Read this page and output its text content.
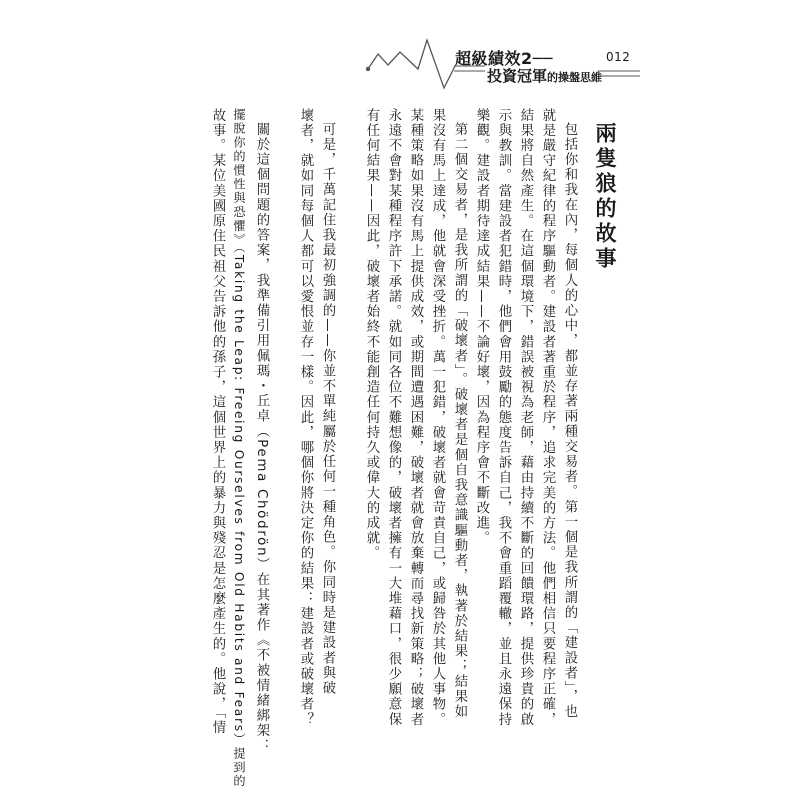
超級績效2──
投資冠軍的操盤思維
012
兩隻狼的故事
包括你和我在內，每個人的心中，都並存著兩種交易者。第一個是我所謂的「建設者」，也
就是嚴守紀律的程序驅動者。建設者著重於程序，追求完美的方法。他們相信只要程序正確，
結果將自然產生。在這個環境下，錯誤被視為老師，藉由持續不斷的回饋環路，提供珍貴的啟
示與教訓。當建設者犯錯時，他們會用鼓勵的態度告訴自己，我不會重蹈覆轍，並且永遠保持
樂觀。建設者期待達成結果——不論好壞，因為程序會不斷改進。
第二個交易者，是我所謂的「破壞者」。破壞者是個自我意識驅動者，執著於結果；結果如
果沒有馬上達成，他就會深受挫折。萬一犯錯，破壞者就會苛責自己，或歸咎於其他人事物。
某種策略如果沒有馬上提供成效，或期間遭遇困難，破壞者就會放棄轉而尋找新策略；破壞者
永遠不會對某種程序許下承諾。就如同各位不難想像的，破壞者擁有一大堆藉口，很少願意保
有任何結果——因此，破壞者始終不能創造任何持久或偉大的成就。
可是，千萬記住我最初強調的——你並不單純屬於任何一種角色。你同時是建設者與破
壞者，就如同每個人都可以愛恨並存一樣。因此，哪個你將決定你的結果：建設者或破壞者？
關於這個問題的答案，我準備引用佩瑪・丘卓（Pema Chödrön）在其著作《不被情緒綁架：
擺脫你的慣性與恐懼》（Taking the Leap: Freeing Ourselves from Old Habits and Fears）提到的
故事。某位美國原住民祖父告訴他的孫子，這個世界上的暴力與殘忍是怎麼產生的。他說，「情
